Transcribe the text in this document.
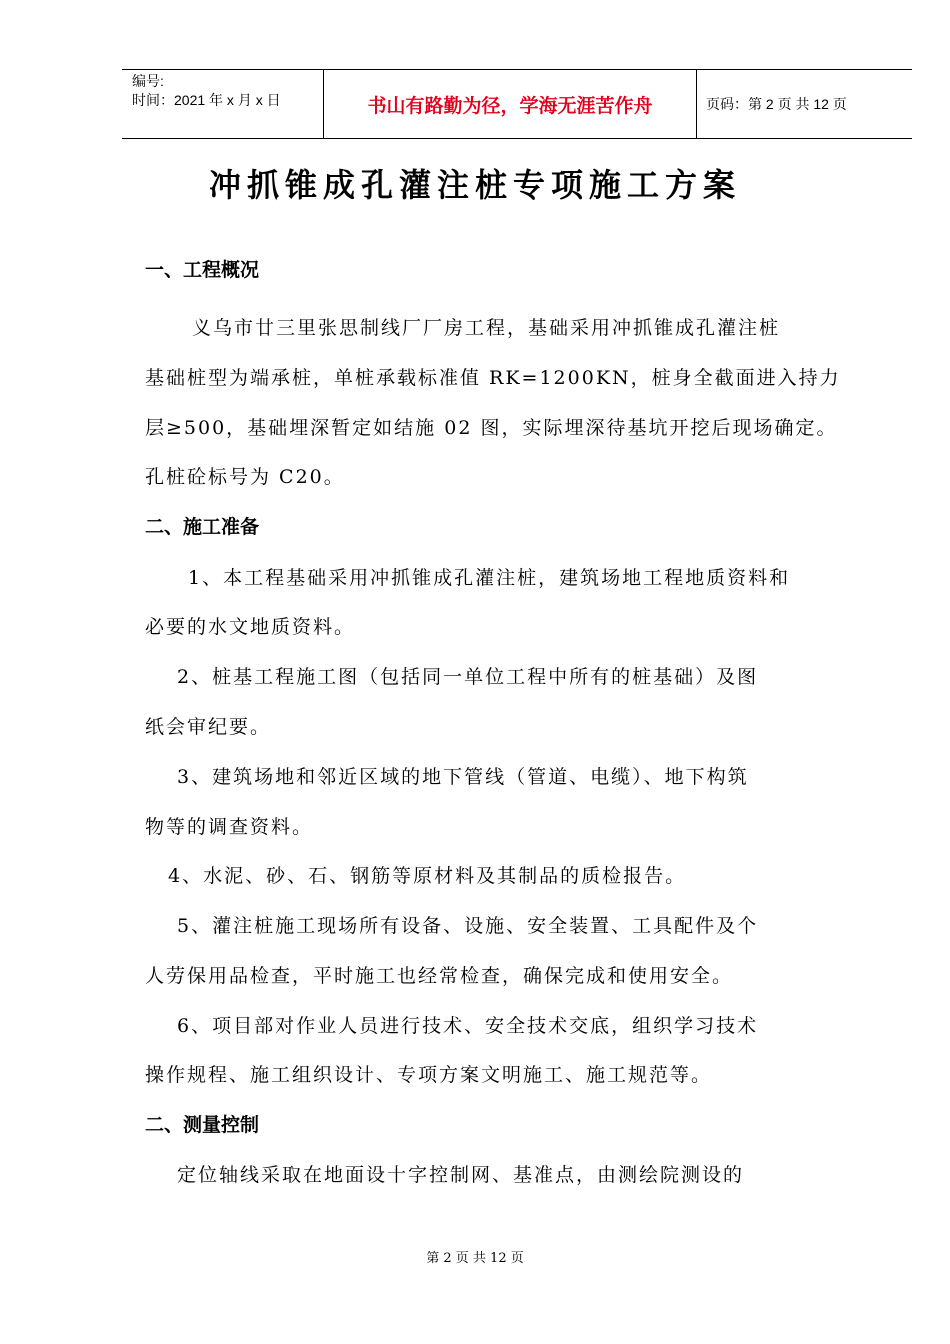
编号:
时间：2021 年 x 月 x 日	书山有路勤为径，学海无涯苦作舟	页码：第 2 页 共 12 页
冲抓锥成孔灌注桩专项施工方案
一、工程概况
义乌市廿三里张思制线厂厂房工程，基础采用冲抓锥成孔灌注桩
基础桩型为端承桩，单桩承载标准值 RK=1200KN，桩身全截面进入持力
层≥500，基础埋深暂定如结施 02 图，实际埋深待基坑开挖后现场确定。
孔桩砼标号为 C20。
二、施工准备
1、本工程基础采用冲抓锥成孔灌注桩，建筑场地工程地质资料和
必要的水文地质资料。
2、桩基工程施工图（包括同一单位工程中所有的桩基础）及图
纸会审纪要。
3、建筑场地和邻近区域的地下管线（管道、电缆）、地下构筑
物等的调查资料。
4、水泥、砂、石、钢筋等原材料及其制品的质检报告。
5、灌注桩施工现场所有设备、设施、安全装置、工具配件及个
人劳保用品检查，平时施工也经常检查，确保完成和使用安全。
6、项目部对作业人员进行技术、安全技术交底，组织学习技术
操作规程、施工组织设计、专项方案文明施工、施工规范等。
二、测量控制
定位轴线采取在地面设十字控制网、基准点，由测绘院测设的
第 2 页 共 12 页
